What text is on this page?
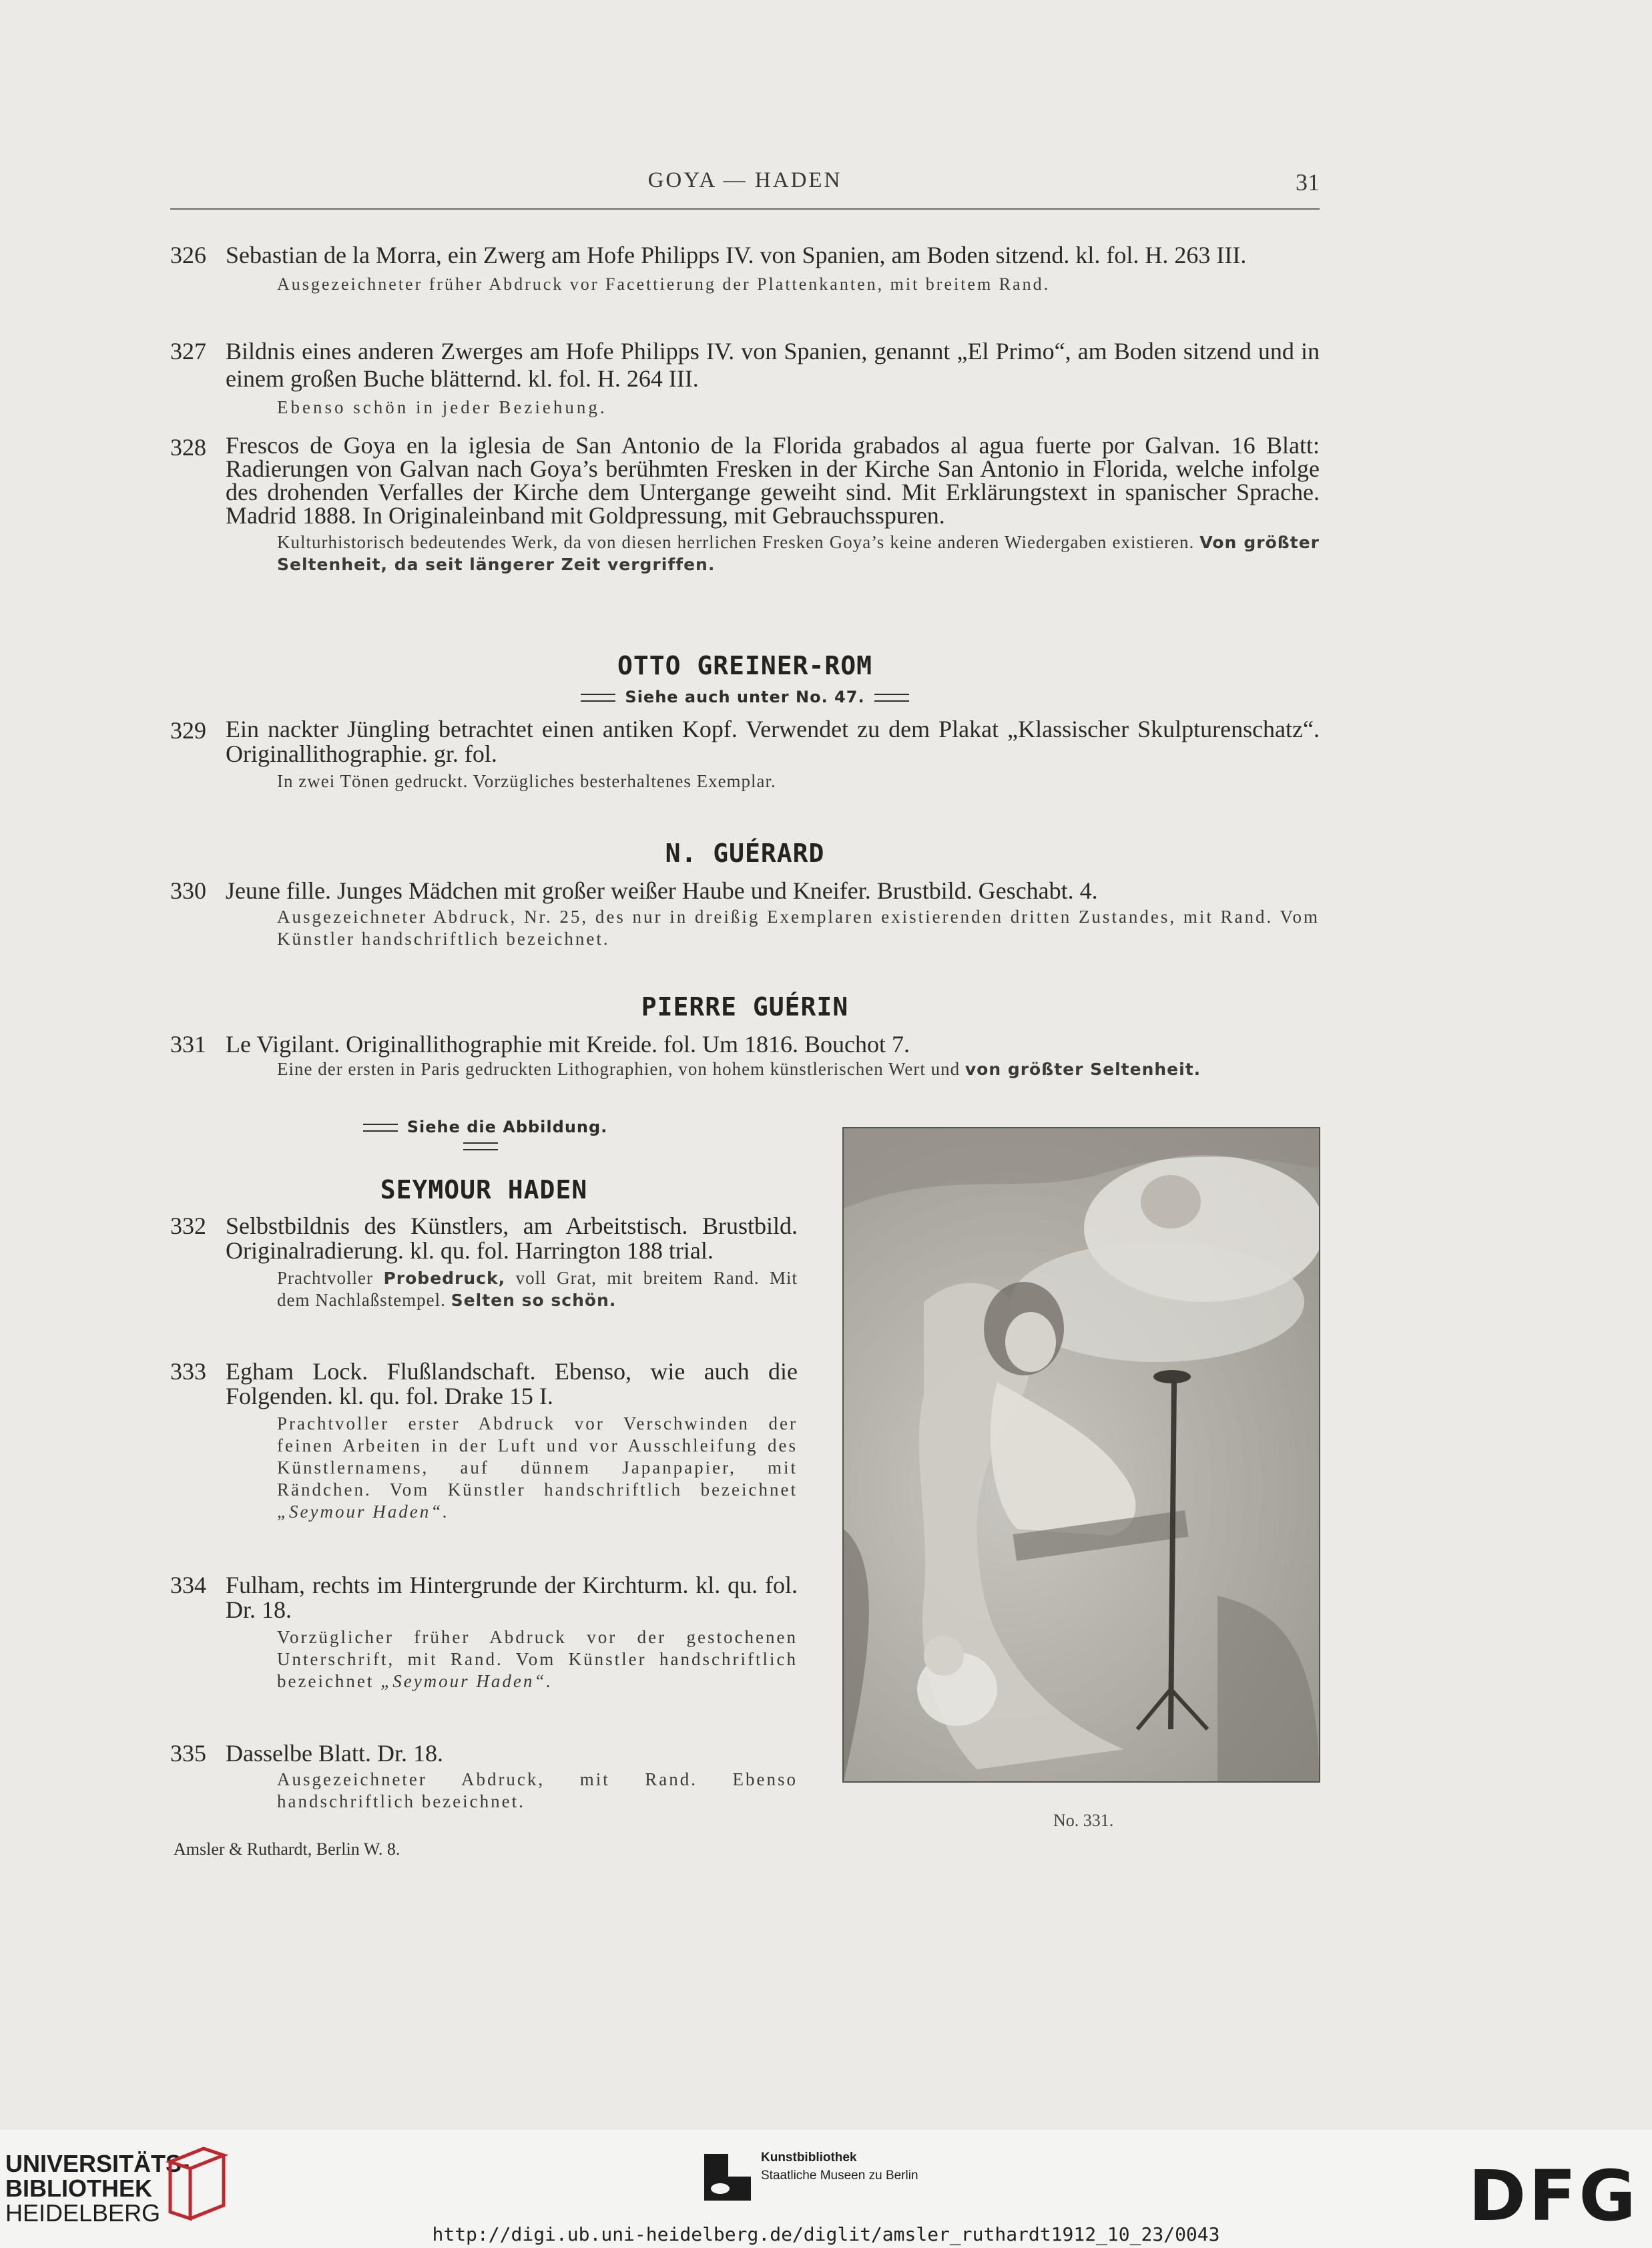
GOYA — HADEN	31
326 Sebastian de la Morra, ein Zwerg am Hofe Philipps IV. von Spanien, am Boden sitzend. kl. fol. H. 263 III.
Ausgezeichneter früher Abdruck vor Facettierung der Plattenkanten, mit breitem Rand.
327 Bildnis eines anderen Zwerges am Hofe Philipps IV. von Spanien, genannt „El Primo“, am Boden sitzend und in einem großen Buche blätternd. kl. fol. H. 264 III.
Ebenso schön in jeder Beziehung.
328 Frescos de Goya en la iglesia de San Antonio de la Florida grabados al agua fuerte por Galvan. 16 Blatt: Radierungen von Galvan nach Goya’s berühmten Fresken in der Kirche San Antonio in Florida, welche infolge des drohenden Verfalles der Kirche dem Untergange geweiht sind. Mit Erklärungstext in spanischer Sprache. Madrid 1888. In Originaleinband mit Goldpressung, mit Gebrauchsspuren.
Kulturhistorisch bedeutendes Werk, da von diesen herrlichen Fresken Goya’s keine anderen Wiedergaben existieren. Von größter Seltenheit, da seit längerer Zeit vergriffen.
OTTO GREINER-ROM
Siehe auch unter No. 47.
329 Ein nackter Jüngling betrachtet einen antiken Kopf. Verwendet zu dem Plakat „Klassischer Skulpturenschatz“. Originallithographie. gr. fol.
In zwei Tönen gedruckt. Vorzügliches besterhaltenes Exemplar.
N. GUÉRARD
330 Jeune fille. Junges Mädchen mit großer weißer Haube und Kneifer. Brustbild. Geschabt. 4.
Ausgezeichneter Abdruck, Nr. 25, des nur in dreißig Exemplaren existierenden dritten Zustandes, mit Rand. Vom Künstler handschriftlich bezeichnet.
PIERRE GUÉRIN
331 Le Vigilant. Originallithographie mit Kreide. fol. Um 1816. Bouchot 7.
Eine der ersten in Paris gedruckten Lithographien, von hohem künstlerischen Wert und von größter Seltenheit.
Siehe die Abbildung.
SEYMOUR HADEN
332 Selbstbildnis des Künstlers, am Arbeitstisch. Brustbild. Originalradierung. kl. qu. fol. Harrington 188 trial.
Prachtvoller Probedruck, voll Grat, mit breitem Rand. Mit dem Nachlaßstempel. Selten so schön.
333 Egham Lock. Flußlandschaft. Ebenso, wie auch die Folgenden. kl. qu. fol. Drake 15 I.
Prachtvoller erster Abdruck vor Verschwinden der feinen Arbeiten in der Luft und vor Ausschleifung des Künstlernamens, auf dünnem Japanpapier, mit Rändchen. Vom Künstler handschriftlich bezeichnet „Seymour Haden“.
334 Fulham, rechts im Hintergrunde der Kirchturm. kl. qu. fol. Dr. 18.
Vorzüglicher früher Abdruck vor der gestochenen Unterschrift, mit Rand. Vom Künstler handschriftlich bezeichnet „Seymour Haden“.
335 Dasselbe Blatt. Dr. 18.
Ausgezeichneter Abdruck, mit Rand. Ebenso handschriftlich bezeichnet.
No. 331.
Amsler & Ruthardt, Berlin W. 8.
UNIVERSITÄTS-
BIBLIOTHEK
HEIDELBERG
Kunstbibliothek
Staatliche Museen zu Berlin	DFG
http://digi.ub.uni-heidelberg.de/diglit/amsler_ruthardt1912_10_23/0043
